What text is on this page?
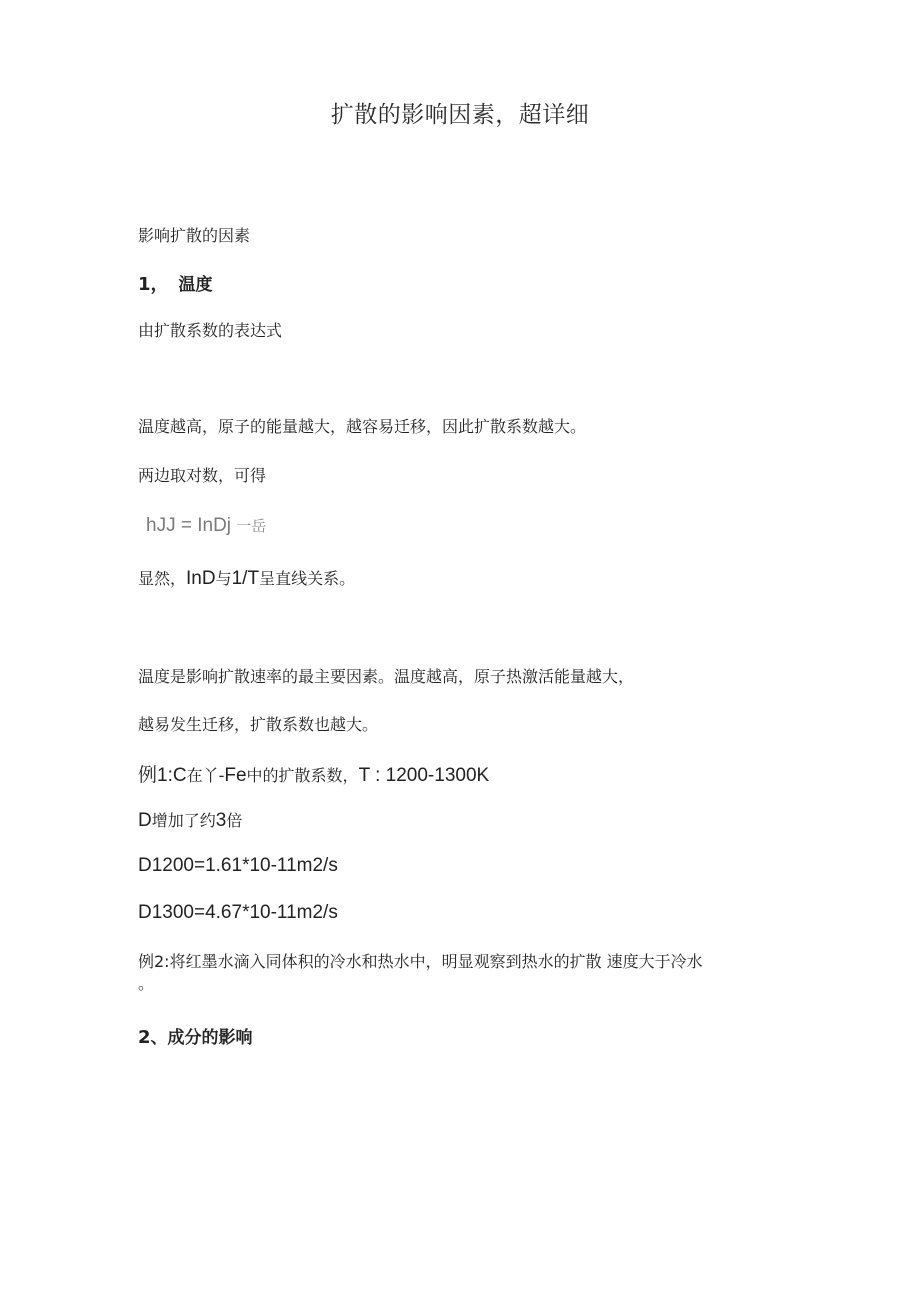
扩散的影响因素，超详细
影响扩散的因素
1， 温度
由扩散系数的表达式
温度越高，原子的能量越大，越容易迁移，因此扩散系数越大。
两边取对数，可得
hJJ = InDj 一岳
显然，InD与1/T呈直线关系。
温度是影响扩散速率的最主要因素。温度越高，原子热激活能量越大，
越易发生迁移，扩散系数也越大。
例1:C在丫-Fe中的扩散系数，T : 1200-1300K
D增加了约3倍
D1200=1.61*10-11m2/s
D1300=4.67*10-11m2/s
例2:将红墨水滴入同体积的冷水和热水中，明显观察到热水的扩散 速度大于冷水
。
2、成分的影响
